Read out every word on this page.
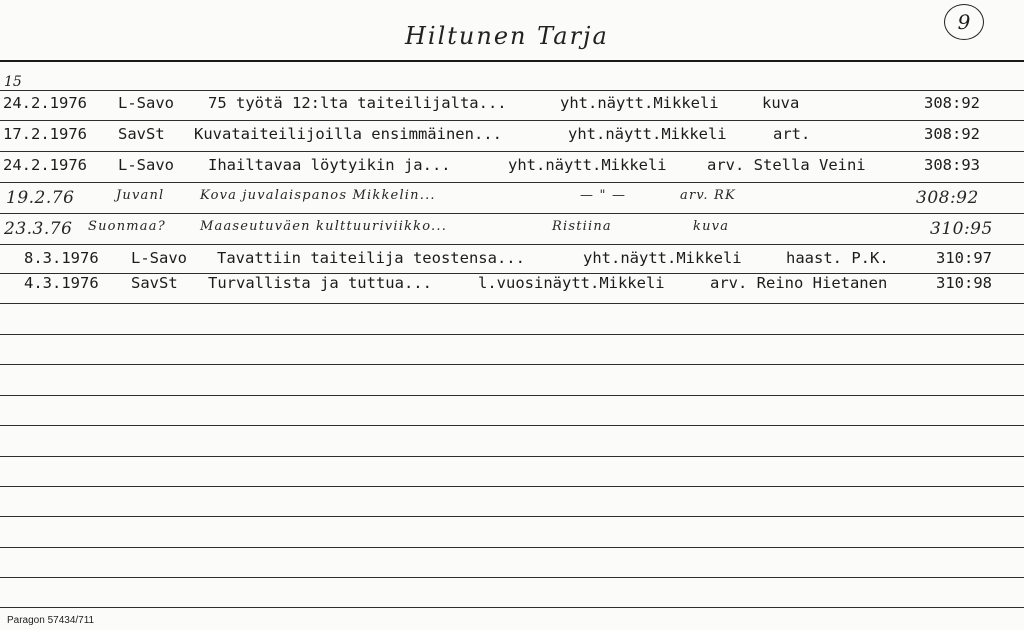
9
Hiltunen Tarja
15
24.2.1976 L-Savo 75 työtä 12:lta taiteilijalta...	yht.näytt.Mikkeli	kuva	308:92
17.2.1976 SavSt Kuvataiteilijoilla ensimmäinen...	yht.näytt.Mikkeli	art.	308:92
24.2.1976 L-Savo Ihailtavaa löytyikin ja...	yht.näytt.Mikkeli	arv. Stella Veini	308:93
19.2.76	Juvanl	Kova juvalaispanos Mikkelin...	— " —	arv. RK	308:92
23.3.76 Suonmaa?	Maaseutuväen kulttuuriviikko...	Ristiina	kuva	310:95
8.3.1976 L-Savo Tavattiin taiteilija teostensa...	yht.näytt.Mikkeli	haast. P.K.	310:97
4.3.1976 SavSt Turvallista ja tuttua...	l.vuosinäytt.Mikkeli	arv. Reino Hietanen	310:98
Paragon 57434/711
